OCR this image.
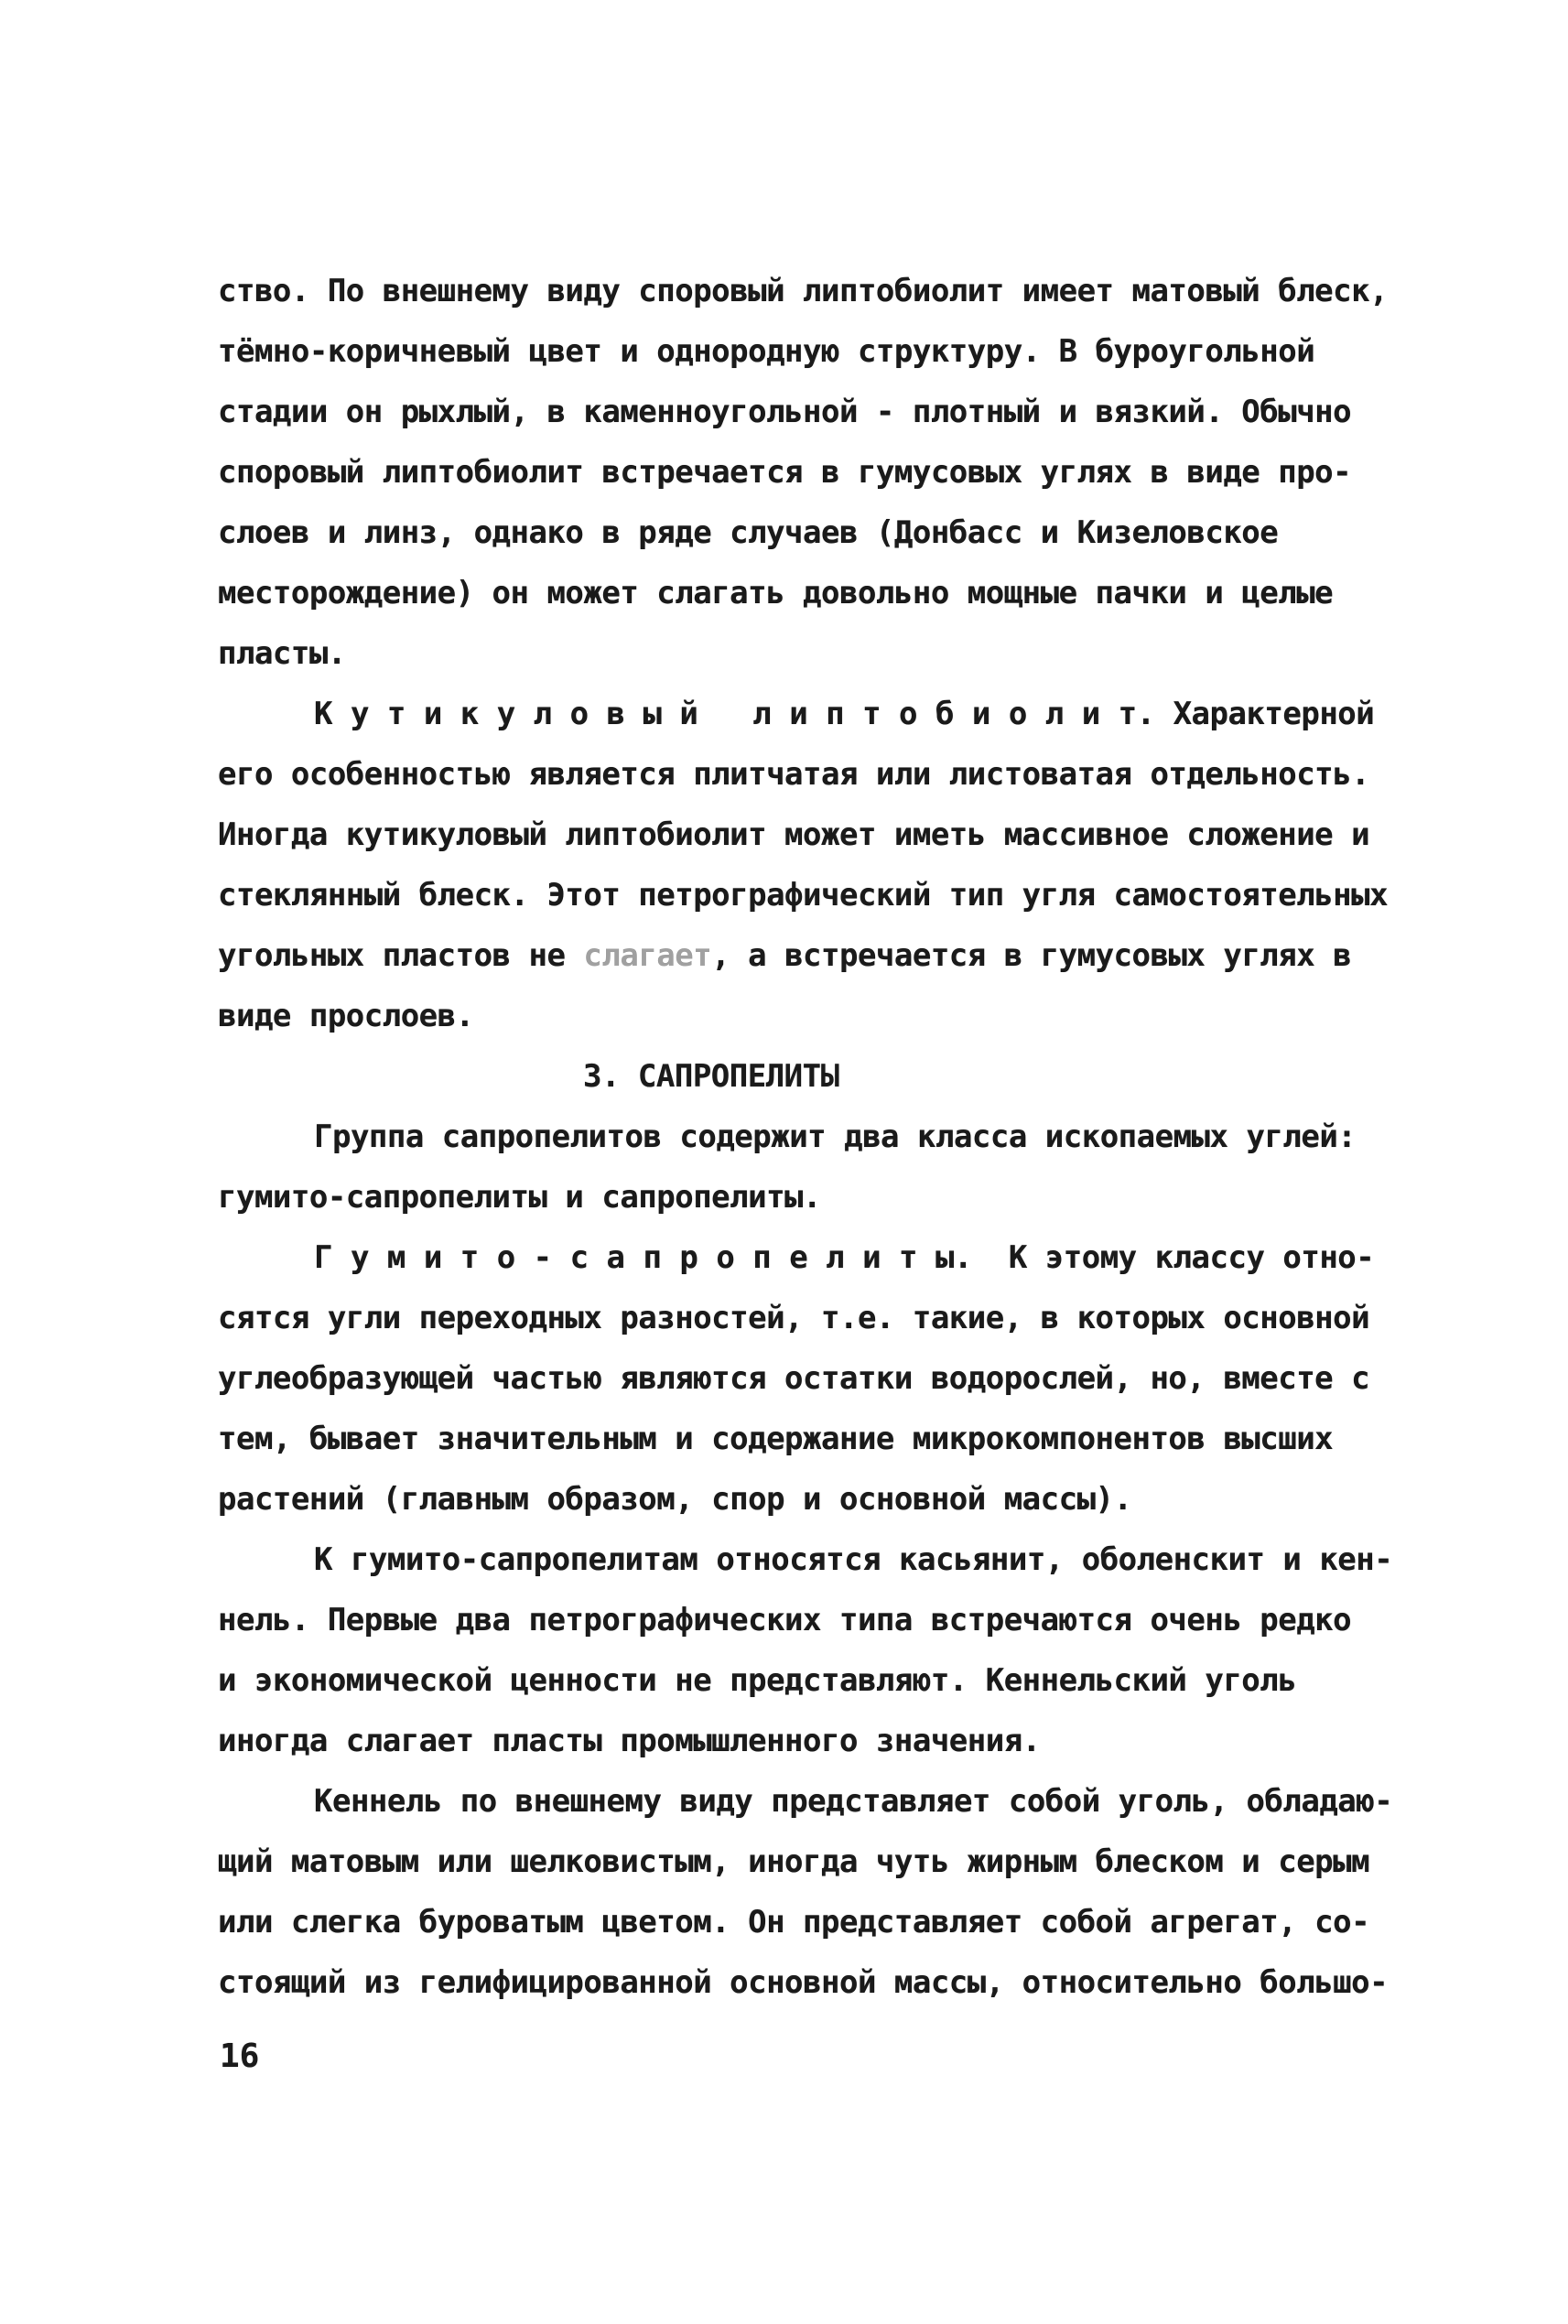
ство. По внешнему виду споровый липтобиолит имеет матовый блеск,
тёмно-коричневый цвет и однородную структуру. В буроугольной
стадии он рыхлый, в каменноугольной - плотный и вязкий. Обычно
споровый липтобиолит встречается в гумусовых углях в виде про-
слоев и линз, однако в ряде случаев (Донбасс и Кизеловское
месторождение) он может слагать довольно мощные пачки и целые
пласты.
К у т и к у л о в ы й   л и п т о б и о л и т. Характерной
его особенностью является плитчатая или листоватая отдельность.
Иногда кутикуловый липтобиолит может иметь массивное сложение и
стеклянный блеск. Этот петрографический тип угля самостоятельных
угольных пластов не слагает, а встречается в гумусовых углях в
виде прослоев.
3. САПРОПЕЛИТЫ
Группа сапропелитов содержит два класса ископаемых углей:
гумито-сапропелиты и сапропелиты.
Г у м и т о - с а п р о п е л и т ы.  К этому классу отно-
сятся угли переходных разностей, т.е. такие, в которых основной
углеобразующей частью являются остатки водорослей, но, вместе с
тем, бывает значительным и содержание микрокомпонентов высших
растений (главным образом, спор и основной массы).
К гумито-сапропелитам относятся касьянит, оболенскит и кен-
нель. Первые два петрографических типа встречаются очень редко
и экономической ценности не представляют. Кеннельский уголь
иногда слагает пласты промышленного значения.
Кеннель по внешнему виду представляет собой уголь, обладаю-
щий матовым или шелковистым, иногда чуть жирным блеском и серым
или слегка буроватым цветом. Он представляет собой агрегат, со-
стоящий из гелифицированной основной массы, относительно большо-
16
